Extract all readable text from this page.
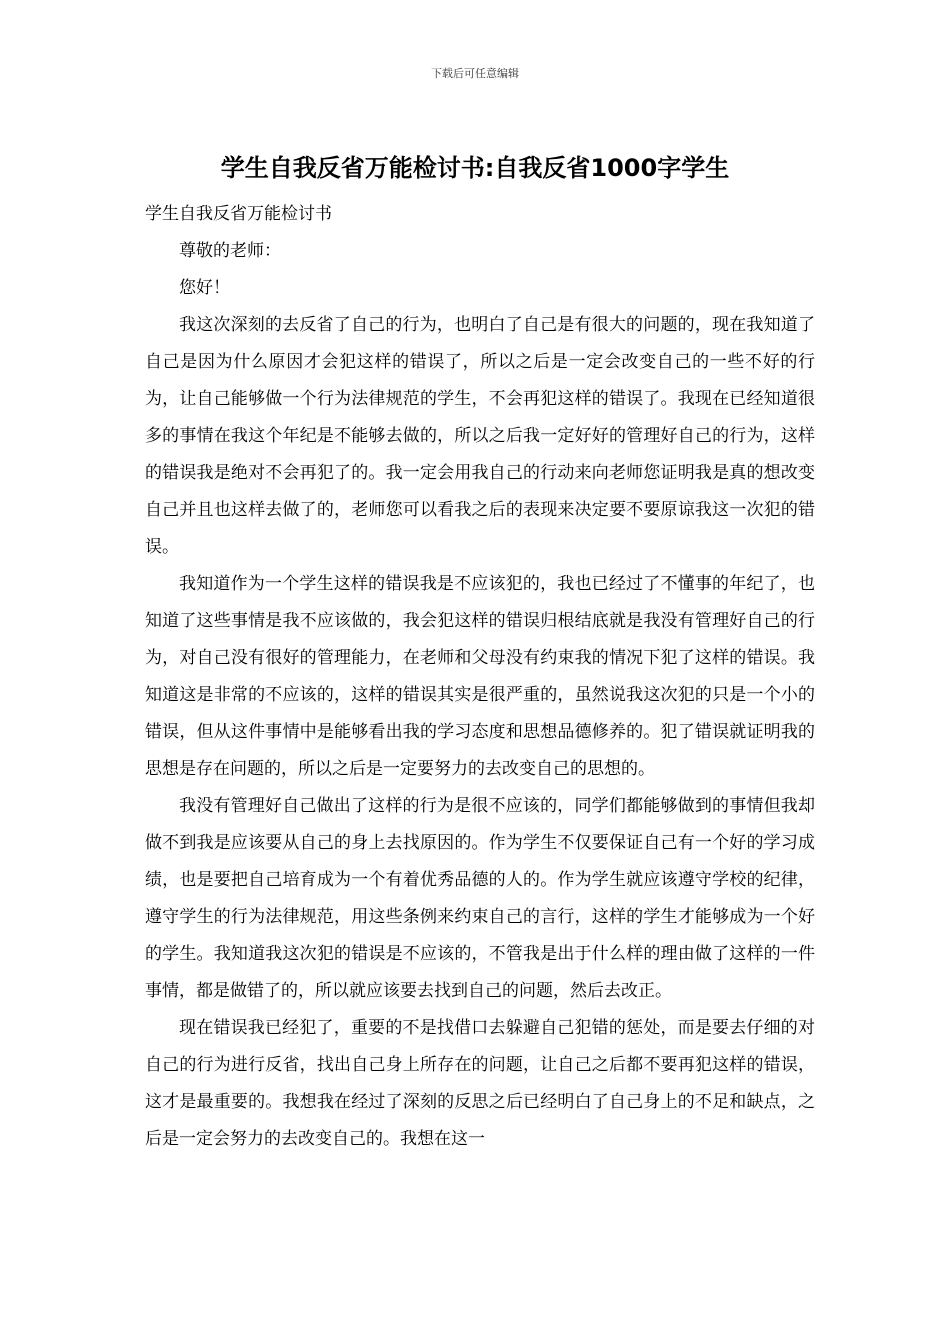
下载后可任意编辑
学生自我反省万能检讨书:自我反省1000字学生

学生自我反省万能检讨书

尊敬的老师：

您好！

我这次深刻的去反省了自己的行为，也明白了自己是有很大的问题的，现在我知道了自己是因为什么原因才会犯这样的错误了，所以之后是一定会改变自己的一些不好的行为，让自己能够做一个行为法律规范的学生，不会再犯这样的错误了。我现在已经知道很多的事情在我这个年纪是不能够去做的，所以之后我一定好好的管理好自己的行为，这样的错误我是绝对不会再犯了的。我一定会用我自己的行动来向老师您证明我是真的想改变自己并且也这样去做了的，老师您可以看我之后的表现来决定要不要原谅我这一次犯的错误。

我知道作为一个学生这样的错误我是不应该犯的，我也已经过了不懂事的年纪了，也知道了这些事情是我不应该做的，我会犯这样的错误归根结底就是我没有管理好自己的行为，对自己没有很好的管理能力，在老师和父母没有约束我的情况下犯了这样的错误。我知道这是非常的不应该的，这样的错误其实是很严重的，虽然说我这次犯的只是一个小的错误，但从这件事情中是能够看出我的学习态度和思想品德修养的。犯了错误就证明我的思想是存在问题的，所以之后是一定要努力的去改变自己的思想的。

我没有管理好自己做出了这样的行为是很不应该的，同学们都能够做到的事情但我却做不到我是应该要从自己的身上去找原因的。作为学生不仅要保证自己有一个好的学习成绩，也是要把自己培育成为一个有着优秀品德的人的。作为学生就应该遵守学校的纪律，遵守学生的行为法律规范，用这些条例来约束自己的言行，这样的学生才能够成为一个好的学生。我知道我这次犯的错误是不应该的，不管我是出于什么样的理由做了这样的一件事情，都是做错了的，所以就应该要去找到自己的问题，然后去改正。

现在错误我已经犯了，重要的不是找借口去躲避自己犯错的惩处，而是要去仔细的对自己的行为进行反省，找出自己身上所存在的问题，让自己之后都不要再犯这样的错误，这才是最重要的。我想我在经过了深刻的反思之后已经明白了自己身上的不足和缺点，之后是一定会努力的去改变自己的。我想在这一
